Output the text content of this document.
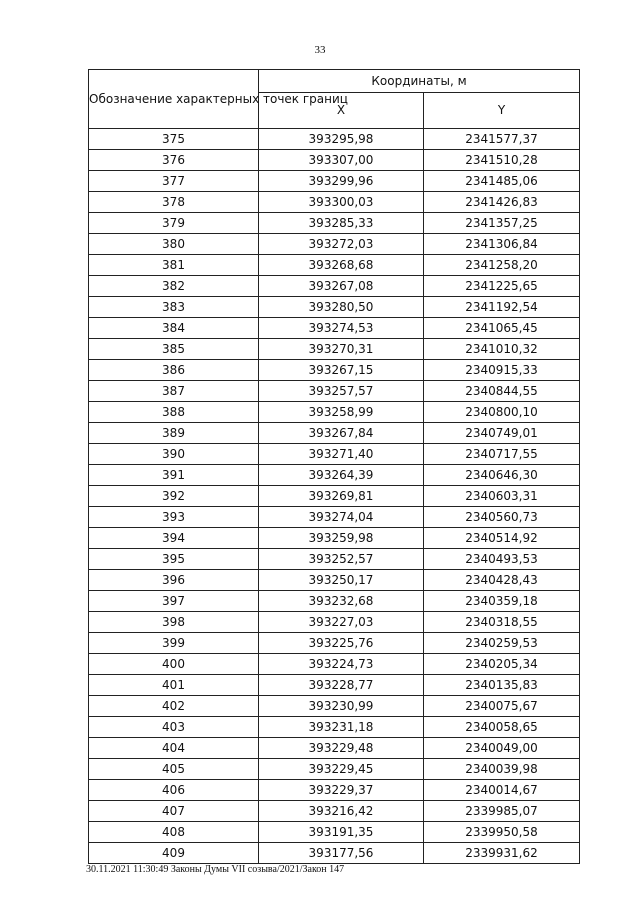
33
Обозначение характерных точек границ	Координаты, м	
	X	Y
375	393295,98	2341577,37
376	393307,00	2341510,28
377	393299,96	2341485,06
378	393300,03	2341426,83
379	393285,33	2341357,25
380	393272,03	2341306,84
381	393268,68	2341258,20
382	393267,08	2341225,65
383	393280,50	2341192,54
384	393274,53	2341065,45
385	393270,31	2341010,32
386	393267,15	2340915,33
387	393257,57	2340844,55
388	393258,99	2340800,10
389	393267,84	2340749,01
390	393271,40	2340717,55
391	393264,39	2340646,30
392	393269,81	2340603,31
393	393274,04	2340560,73
394	393259,98	2340514,92
395	393252,57	2340493,53
396	393250,17	2340428,43
397	393232,68	2340359,18
398	393227,03	2340318,55
399	393225,76	2340259,53
400	393224,73	2340205,34
401	393228,77	2340135,83
402	393230,99	2340075,67
403	393231,18	2340058,65
404	393229,48	2340049,00
405	393229,45	2340039,98
406	393229,37	2340014,67
407	393216,42	2339985,07
408	393191,35	2339950,58
409	393177,56	2339931,62
30.11.2021 11:30:49 Законы Думы VII созыва/2021/Закон 147
